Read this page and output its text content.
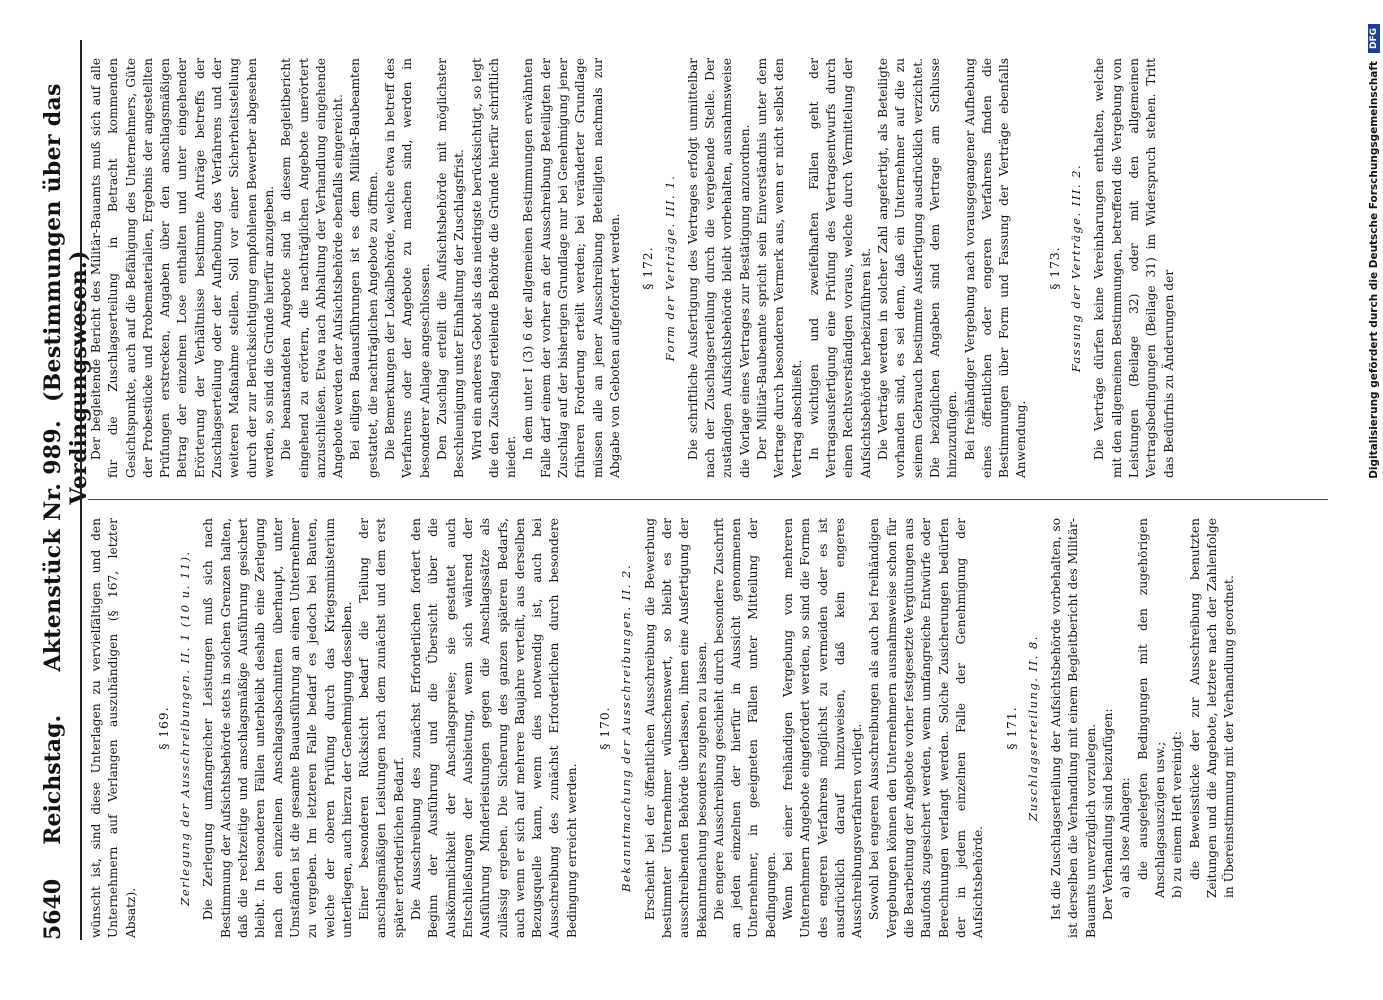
5640
Reichstag.
Aktenstück Nr. 989. (Bestimmungen über das Verdingungswesen.)

wünscht ist, sind diese Unterlagen zu vervielfältigen und den Unternehmern auf Verlangen auszuhändigen (§ 167, letzter Absatz).

§ 169. Zerlegung der Ausschreibungen. II. 1 (10 u. 11). Die Zerlegung umfangreicher Leistungen muß sich nach Bestimmung der Aufsichtsbehörde stets in solchen Grenzen halten, daß die rechtzeitige und anschlagsmäßige Ausführung gesichert bleibt. In besonderen Fällen unterbleibt deshalb eine Zerlegung nach den einzelnen Anschlagsabschnitten überhaupt, unter Umständen ist die gesamte Bauausführung an einen Unternehmer zu vergeben. Im letzteren Falle bedarf es jedoch bei Bauten, welche der oberen Prüfung durch das Kriegsministerium unterliegen, auch hierzu der Genehmigung desselben. Einer besonderen Rücksicht bedarf die Teilung der anschlagsmäßigen Leistungen nach dem zunächst und dem erst später erforderlichen Bedarf. Die Ausschreibung des zunächst Erforderlichen fordert den Beginn der Ausführung und die Übersicht über die Auskömmlichkeit der Anschlagspreise; sie gestattet auch Entschließungen der Ausbietung, wenn sich während der Ausführung Minderleistungen gegen die Anschlagssätze als zulässig ergeben. Die Sicherung des ganzen späteren Bedarfs, auch wenn er sich auf mehrere Baujahre verteilt, aus derselben Bezugsquelle kann, wenn dies notwendig ist, auch bei Ausschreibung des zunächst Erforderlichen durch besondere Bedingung erreicht werden.

§ 170. Bekanntmachung der Ausschreibungen. II. 2. Erscheint bei der öffentlichen Ausschreibung die Bewerbung bestimmter Unternehmer wünschenswert, so bleibt es der ausschreibenden Behörde überlassen, ihnen eine Ausfertigung der Bekanntmachung besonders zugehen zu lassen. Die engere Ausschreibung geschieht durch besondere Zuschrift an jeden einzelnen der hierfür in Aussicht genommenen Unternehmer, in geeigneten Fällen unter Mitteilung der Bedingungen. Wenn bei einer freihändigen Vergebung von mehreren Unternehmern Angebote eingefordert werden, so sind die Formen des engeren Verfahrens möglichst zu vermeiden oder es ist ausdrücklich darauf hinzuweisen, daß kein engeres Ausschreibungsverfahren vorliegt. Sowohl bei engeren Ausschreibungen als auch bei freihändigen Vergebungen können den Unternehmern ausnahmsweise schon für die Bearbeitung der Angebote vorher festgesetzte Vergütungen aus Baufonds zugesichert werden, wenn umfangreiche Entwürfe oder Berechnungen verlangt werden. Solche Zusicherungen bedürfen der in jedem einzelnen Falle der Genehmigung der Aufsichtsbehörde.

§ 171. Zuschlagserteilung. II. 8. Ist die Zuschlagserteilung der Aufsichtsbehörde vorbehalten, so ist derselben die Verhandlung mit einem Begleitbericht des Militär-Bauamts unverzüglich vorzulegen. Der Verhandlung sind beizufügen: a) als lose Anlagen: die ausgelegten Bedingungen mit den zugehörigen Anschlagsauszügen usw.; b) zu einem Heft vereinigt: die Beweisstücke der zur Ausschreibung benutzten Zeitungen und die Angebote, letztere nach der Zahlenfolge in Übereinstimmung mit der Verhandlung geordnet.

Der begleitende Bericht des Militär-Bauamts muß sich auf alle für die Zuschlagserteilung in Betracht kommenden Gesichtspunkte, auch auf die Befähigung des Unternehmers, Güte der Probestücke und Probematerialien, Ergebnis der angestellten Prüfungen erstrecken, Angaben über den anschlagsmäßigen Betrag der einzelnen Lose enthalten und unter eingehender Erörterung der Verhältnisse bestimmte Anträge betreffs der Zuschlagserteilung oder der Aufhebung des Verfahrens und der weiteren Maßnahme stellen. Soll vor einer Sicherheitsstellung durch der zur Berücksichtigung empfohlenen Bewerber abgesehen werden, so sind die Gründe hierfür anzugeben. Die beanstandeten Angebote sind in diesem Begleitbericht eingehend zu erörtern, die nachträglichen Angebote unerörtert anzuschließen. Etwa nach Abhaltung der Verhandlung eingehende Angebote werden der Aufsichtsbehörde ebenfalls eingereicht. Bei eiligen Bauausführungen ist es dem Militär-Baubeamten gestattet, die nachträglichen Angebote zu öffnen. Die Bemerkungen der Lokalbehörde, welche etwa in betreff des Verfahrens oder der Angebote zu machen sind, werden in besonderer Anlage angeschlossen. Den Zuschlag erteilt die Aufsichtsbehörde mit möglichster Beschleunigung unter Einhaltung der Zuschlagsfrist. Wird ein anderes Gebot als das niedrigste berücksichtigt, so legt die den Zuschlag erteilende Behörde die Gründe hierfür schriftlich nieder. In dem unter I (3) 6 der allgemeinen Bestimmungen erwähnten Falle darf einem der vorher an der Ausschreibung Beteiligten der Zuschlag auf der bisherigen Grundlage nur bei Genehmigung jener früheren Forderung erteilt werden; bei veränderter Grundlage müssen alle an jener Ausschreibung Beteiligten nachmals zur Abgabe von Geboten aufgefordert werden. § 172. Form der Verträge. III. 1. Die schriftliche Ausfertigung des Vertrages erfolgt unmittelbar nach der Zuschlagserteilung durch die vergebende Stelle. Der zuständigen Aufsichtsbehörde bleibt vorbehalten, ausnahmsweise die Vorlage eines Vertrages zur Bestätigung anzuordnen. Der Militär-Baubeamte spricht sein Einverständnis unter dem Vertrage durch besonderen Vermerk aus, wenn er nicht selbst den Vertrag abschließt. In wichtigen und zweifelhaften Fällen geht der Vertragsausfertigung eine Prüfung des Vertragsentwurfs durch einen Rechtsverständigen voraus, welche durch Vermittelung der Aufsichtsbehörde herbeizuführen ist. Die Verträge werden in solcher Zahl angefertigt, als Beteiligte vorhanden sind, es sei denn, daß ein Unternehmer auf die zu seinem Gebrauch bestimmte Ausfertigung ausdrücklich verzichtet. Die bezüglichen Angaben sind dem Vertrage am Schlusse hinzuzufügen. Bei freihändiger Vergebung nach vorausgegangener Aufhebung eines öffentlichen oder engeren Verfahrens finden die Bestimmungen über Form und Fassung der Verträge ebenfalls Anwendung.

§ 173. Fassung der Verträge. III. 2. Die Verträge dürfen keine Vereinbarungen enthalten, welche mit den allgemeinen Bestimmungen, betreffend die Vergebung von Leistungen (Beilage 32) oder mit den allgemeinen Vertragsbedingungen (Beilage 31) im Widerspruch stehen. Tritt das Bedürfnis zu Änderungen der	Digitalisierung gefördert durch die Deutsche Forschungsgemeinschaft
DFG
